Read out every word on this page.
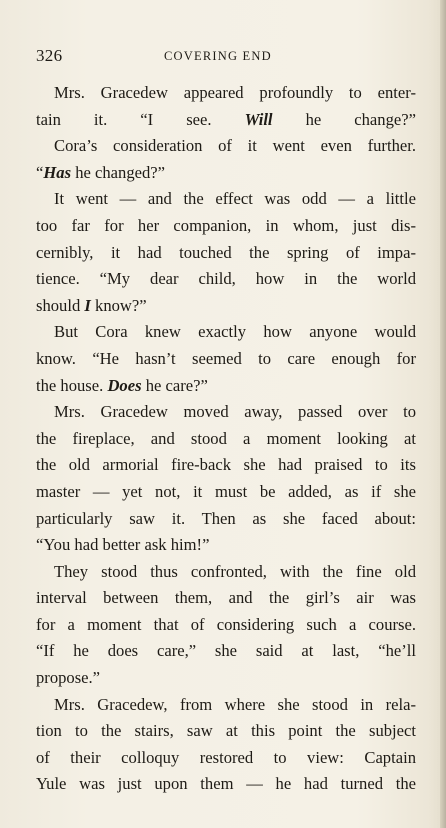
326	COVERING END
Mrs. Gracedew appeared profoundly to enter-
tain it. “I see. Will he change?”
Cora’s consideration of it went even further.
“Has he changed?”
It went — and the effect was odd — a little
too far for her companion, in whom, just dis-
cernibly, it had touched the spring of impa-
tience. “My dear child, how in the world
should I know?”
But Cora knew exactly how anyone would
know. “He hasn’t seemed to care enough for
the house. Does he care?”
Mrs. Gracedew moved away, passed over to
the fireplace, and stood a moment looking at
the old armorial fire-back she had praised to its
master — yet not, it must be added, as if she
particularly saw it. Then as she faced about:
“You had better ask him!”
They stood thus confronted, with the fine old
interval between them, and the girl’s air was
for a moment that of considering such a course.
“If he does care,” she said at last, “he’ll
propose.”
Mrs. Gracedew, from where she stood in rela-
tion to the stairs, saw at this point the subject
of their colloquy restored to view: Captain
Yule was just upon them — he had turned the
